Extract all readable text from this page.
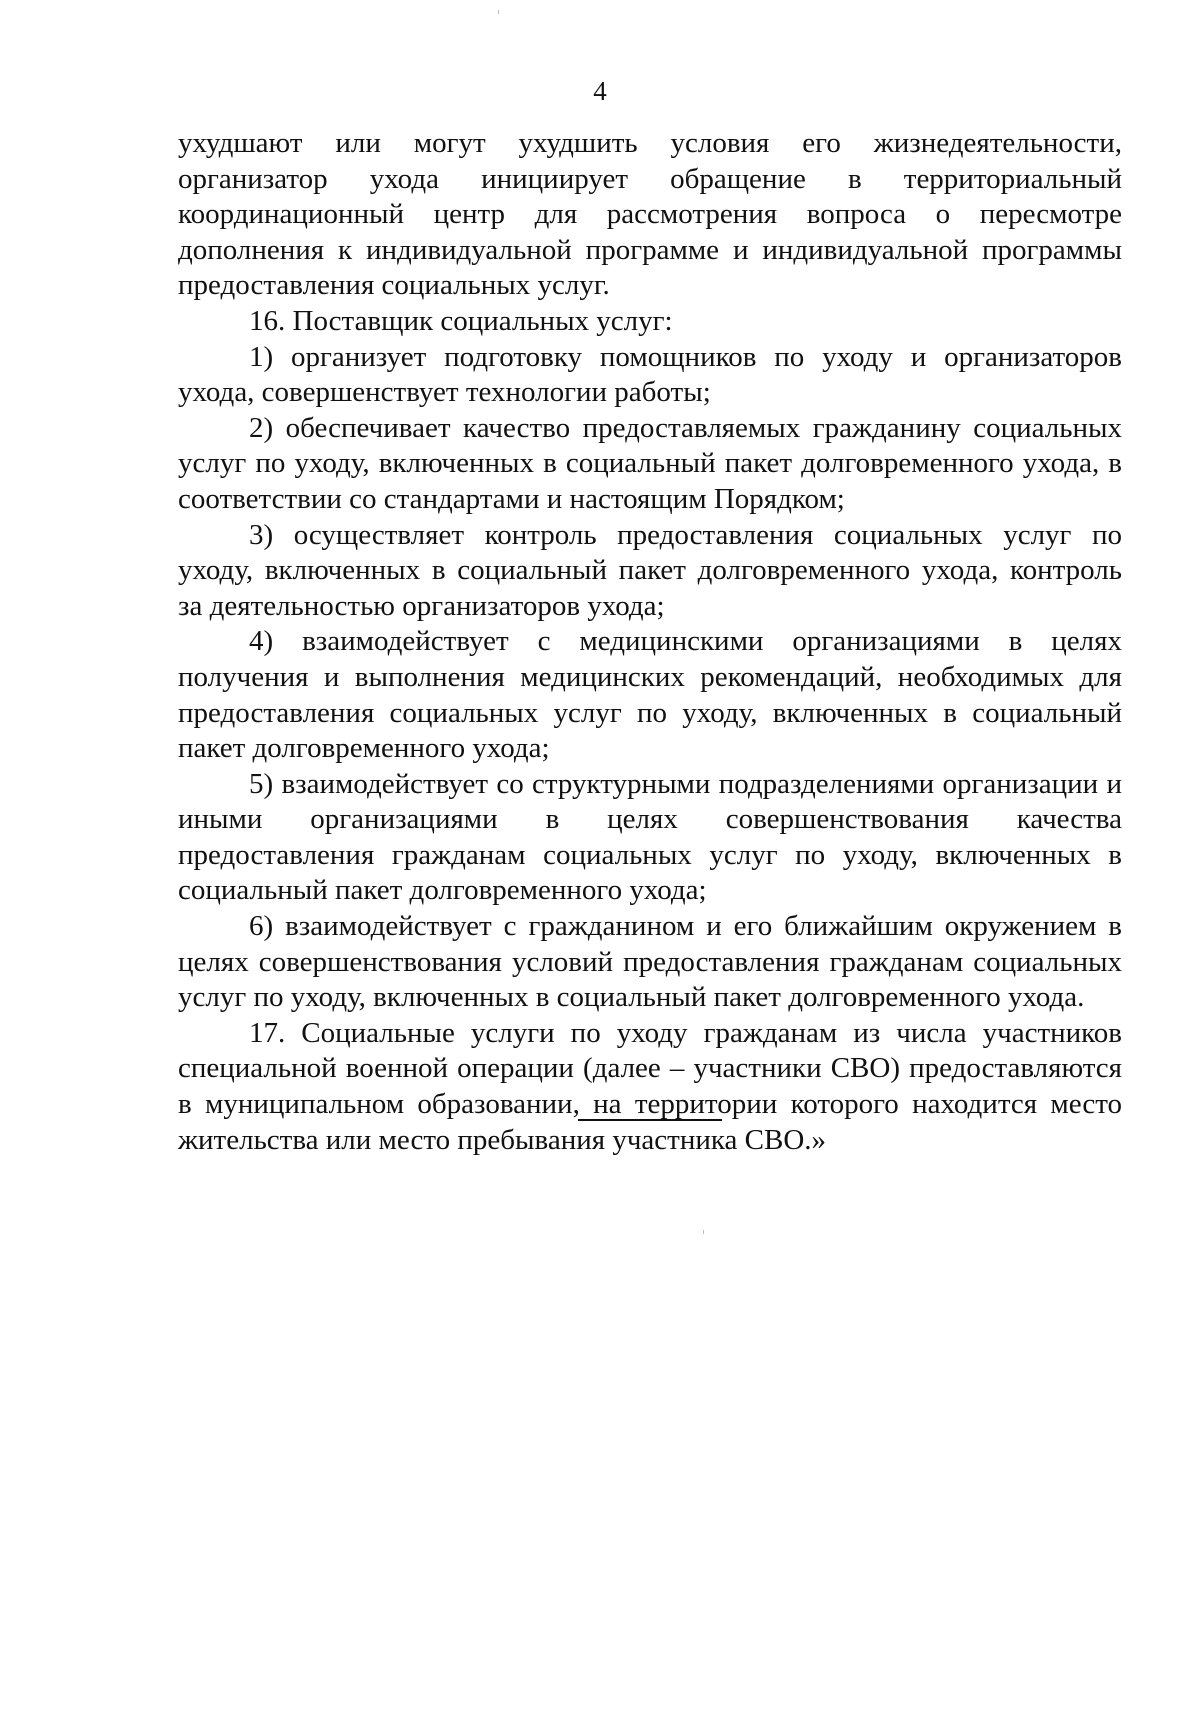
4

ухудшают или могут ухудшить условия его жизнедеятельности, организатор ухода инициирует обращение в территориальный координационный центр для рассмотрения вопроса о пересмотре дополнения к индивидуальной программе и индивидуальной программы предоставления социальных услуг.

16. Поставщик социальных услуг:

1) организует подготовку помощников по уходу и организаторов ухода, совершенствует технологии работы;

2) обеспечивает качество предоставляемых гражданину социальных услуг по уходу, включенных в социальный пакет долговременного ухода, в соответствии со стандартами и настоящим Порядком;

3) осуществляет контроль предоставления социальных услуг по уходу, включенных в социальный пакет долговременного ухода, контроль за деятельностью организаторов ухода;

4) взаимодействует с медицинскими организациями в целях получения и выполнения медицинских рекомендаций, необходимых для предоставления социальных услуг по уходу, включенных в социальный пакет долговременного ухода;

5) взаимодействует со структурными подразделениями организации и иными организациями в целях совершенствования качества предоставления гражданам социальных услуг по уходу, включенных в социальный пакет долговременного ухода;

6) взаимодействует с гражданином и его ближайшим окружением в целях совершенствования условий предоставления гражданам социальных услуг по уходу, включенных в социальный пакет долговременного ухода.

17. Социальные услуги по уходу гражданам из числа участников специальной военной операции (далее – участники СВО) предоставляются в муниципальном образовании, на территории которого находится место жительства или место пребывания участника СВО.»
